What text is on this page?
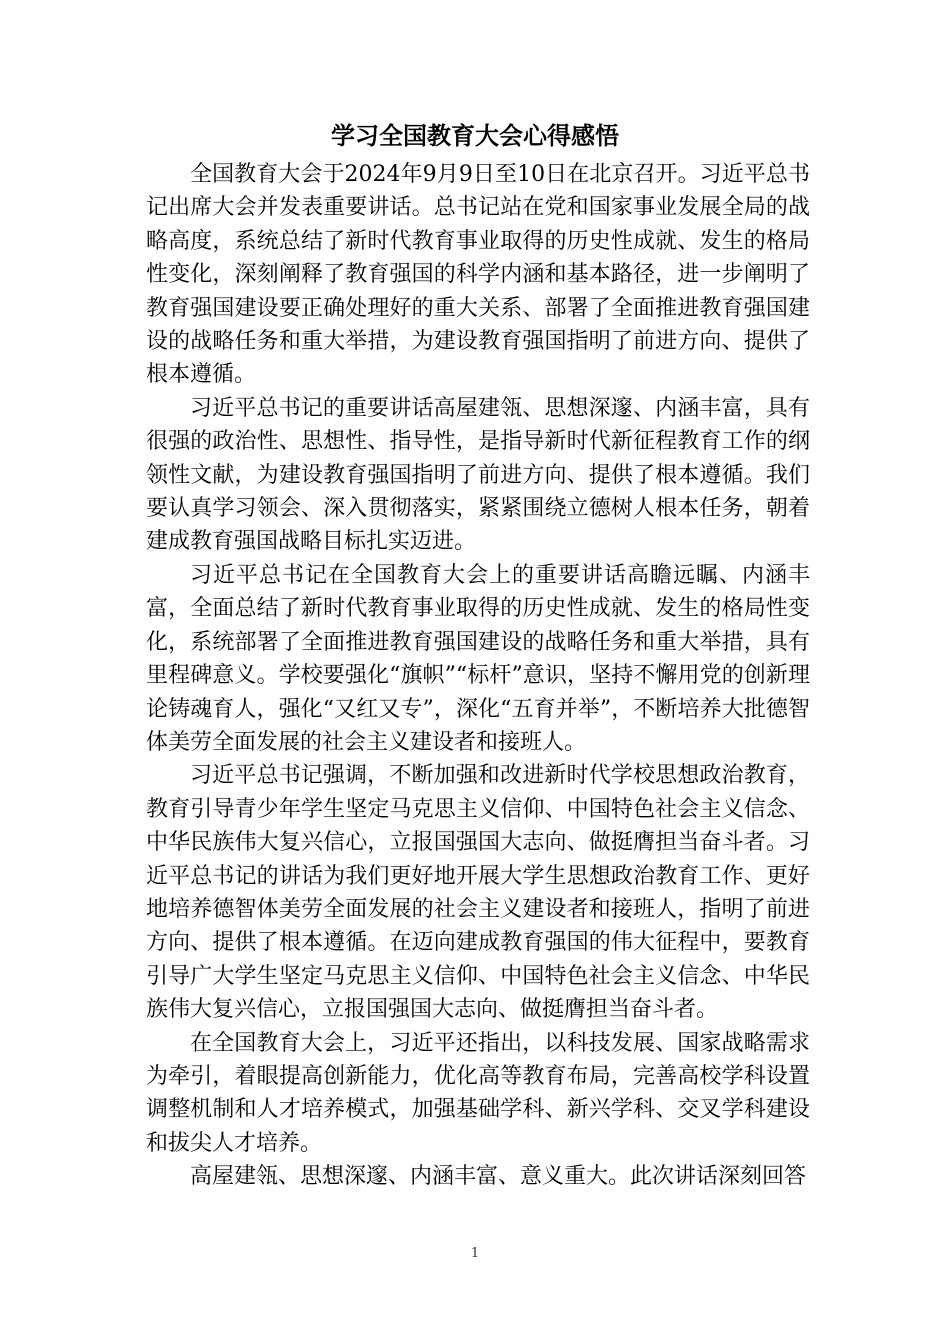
学习全国教育大会心得感悟

全国教育大会于2024年9月9日至10日在北京召开。习近平总书记出席大会并发表重要讲话。总书记站在党和国家事业发展全局的战略高度，系统总结了新时代教育事业取得的历史性成就、发生的格局性变化，深刻阐释了教育强国的科学内涵和基本路径，进一步阐明了教育强国建设要正确处理好的重大关系、部署了全面推进教育强国建设的战略任务和重大举措，为建设教育强国指明了前进方向、提供了根本遵循。

习近平总书记的重要讲话高屋建瓴、思想深邃、内涵丰富，具有很强的政治性、思想性、指导性，是指导新时代新征程教育工作的纲领性文献，为建设教育强国指明了前进方向、提供了根本遵循。我们要认真学习领会、深入贯彻落实，紧紧围绕立德树人根本任务，朝着建成教育强国战略目标扎实迈进。

习近平总书记在全国教育大会上的重要讲话高瞻远瞩、内涵丰富，全面总结了新时代教育事业取得的历史性成就、发生的格局性变化，系统部署了全面推进教育强国建设的战略任务和重大举措，具有里程碑意义。学校要强化“旗帜”“标杆”意识，坚持不懈用党的创新理论铸魂育人，强化“又红又专”，深化“五育并举”，不断培养大批德智体美劳全面发展的社会主义建设者和接班人。

习近平总书记强调，不断加强和改进新时代学校思想政治教育，教育引导青少年学生坚定马克思主义信仰、中国特色社会主义信念、中华民族伟大复兴信心，立报国强国大志向、做挺膺担当奋斗者。习近平总书记的讲话为我们更好地开展大学生思想政治教育工作、更好地培养德智体美劳全面发展的社会主义建设者和接班人，指明了前进方向、提供了根本遵循。在迈向建成教育强国的伟大征程中，要教育引导广大学生坚定马克思主义信仰、中国特色社会主义信念、中华民族伟大复兴信心，立报国强国大志向、做挺膺担当奋斗者。

在全国教育大会上，习近平还指出，以科技发展、国家战略需求为牵引，着眼提高创新能力，优化高等教育布局，完善高校学科设置调整机制和人才培养模式，加强基础学科、新兴学科、交叉学科建设和拔尖人才培养。

高屋建瓴、思想深邃、内涵丰富、意义重大。此次讲话深刻回答

1
